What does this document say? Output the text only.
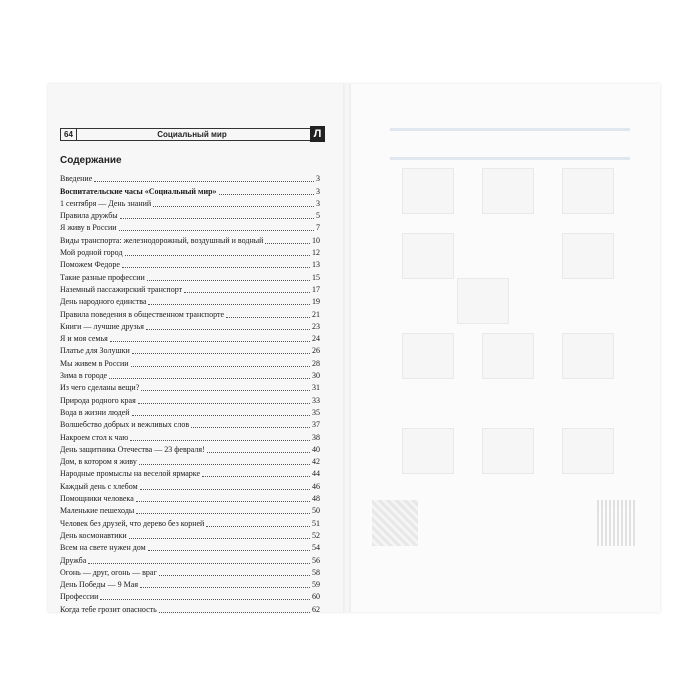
64	Социальный мир	Л
Содержание
Введение	3
Воспитательские часы «Социальный мир»	3
1 сентября — День знаний	3
Правила дружбы	5
Я живу в России	7
Виды транспорта: железнодорожный, воздушный и водный	10
Мой родной город	12
Поможем Федоре	13
Такие разные профессии	15
Наземный пассажирский транспорт	17
День народного единства	19
Правила поведения в общественном транспорте	21
Книги — лучшие друзья	23
Я и моя семья	24
Платье для Золушки	26
Мы живем в России	28
Зима в городе	30
Из чего сделаны вещи?	31
Природа родного края	33
Вода в жизни людей	35
Волшебство добрых и вежливых слов	37
Накроем стол к чаю	38
День защитника Отечества — 23 февраля!	40
Дом, в котором я живу	42
Народные промыслы на веселой ярмарке	44
Каждый день с хлебом	46
Помощники человека	48
Маленькие пешеходы	50
Человек без друзей, что дерево без корней	51
День космонавтики	52
Всем на свете нужен дом	54
Дружба	56
Огонь — друг, огонь — враг	58
День Победы — 9 Мая	59
Профессии	60
Когда тебе грозит опасность	62
